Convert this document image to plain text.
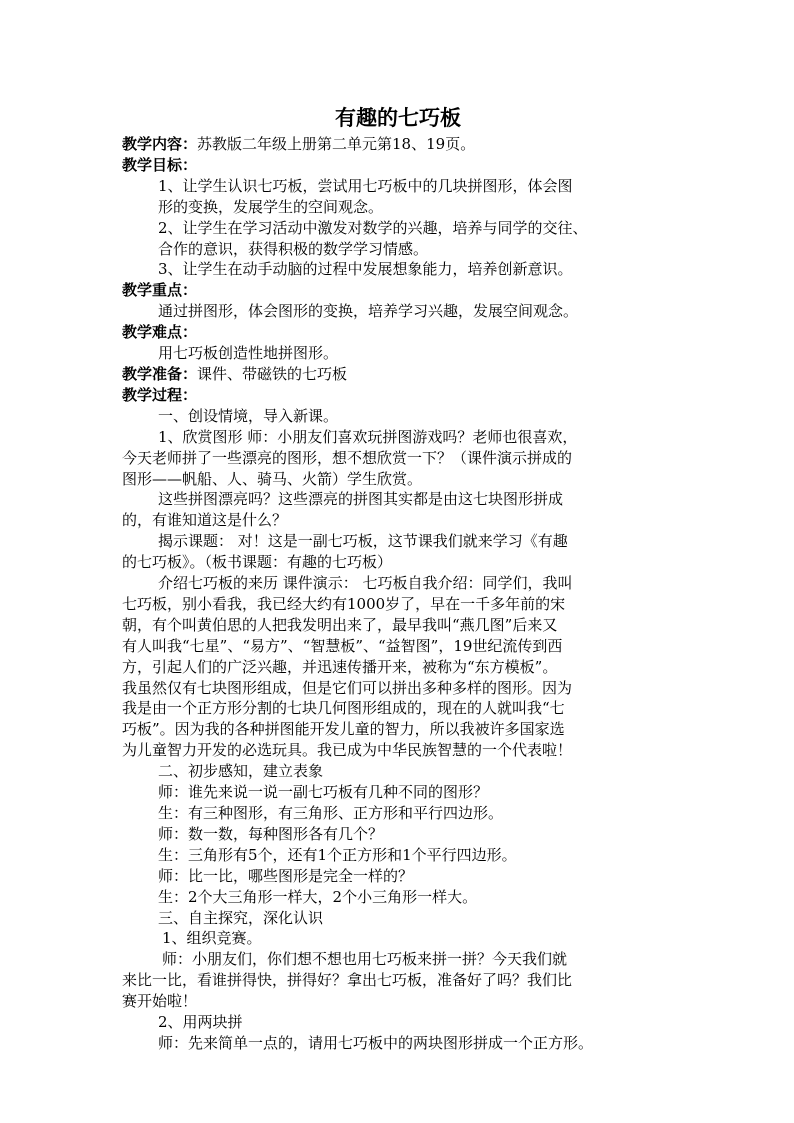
有趣的七巧板

教学内容：苏教版二年级上册第二单元第18、19页。

教学目标：

1、让学生认识七巧板，尝试用七巧板中的几块拼图形，体会图

形的变换，发展学生的空间观念。

2、让学生在学习活动中激发对数学的兴趣，培养与同学的交往、

合作的意识，获得积极的数学学习情感。

3、让学生在动手动脑的过程中发展想象能力，培养创新意识。

教学重点：

通过拼图形，体会图形的变换，培养学习兴趣，发展空间观念。

教学难点：

用七巧板创造性地拼图形。

教学准备：课件、带磁铁的七巧板

教学过程：

一、创设情境，导入新课。

1、欣赏图形 师：小朋友们喜欢玩拼图游戏吗？老师也很喜欢，

今天老师拼了一些漂亮的图形，想不想欣赏一下？（课件演示拼成的

图形——帆船、人、骑马、火箭）学生欣赏。

这些拼图漂亮吗？这些漂亮的拼图其实都是由这七块图形拼成

的，有谁知道这是什么？

揭示课题： 对！这是一副七巧板，这节课我们就来学习《有趣

的七巧板》。（板书课题：有趣的七巧板）

介绍七巧板的来历 课件演示： 七巧板自我介绍：同学们，我叫

七巧板，别小看我，我已经大约有1000岁了，早在一千多年前的宋

朝，有个叫黄伯思的人把我发明出来了，最早我叫“燕几图”后来又

有人叫我“七星”、“易方”、“智慧板”、“益智图”，19世纪流传到西

方，引起人们的广泛兴趣，并迅速传播开来，被称为“东方模板”。

我虽然仅有七块图形组成，但是它们可以拼出多种多样的图形。因为

我是由一个正方形分割的七块几何图形组成的，现在的人就叫我“七

巧板”。因为我的各种拼图能开发儿童的智力，所以我被许多国家选

为儿童智力开发的必选玩具。我已成为中华民族智慧的一个代表啦！

二、初步感知，建立表象

师：谁先来说一说一副七巧板有几种不同的图形？

生：有三种图形，有三角形、正方形和平行四边形。

师：数一数，每种图形各有几个？

生：三角形有5个，还有1个正方形和1个平行四边形。

师：比一比，哪些图形是完全一样的？

生：2个大三角形一样大，2个小三角形一样大。

三、自主探究，深化认识

1、组织竞赛。

师：小朋友们，你们想不想也用七巧板来拼一拼？今天我们就

来比一比，看谁拼得快，拼得好？拿出七巧板，准备好了吗？我们比

赛开始啦！

2、用两块拼

师：先来简单一点的，请用七巧板中的两块图形拼成一个正方形。
